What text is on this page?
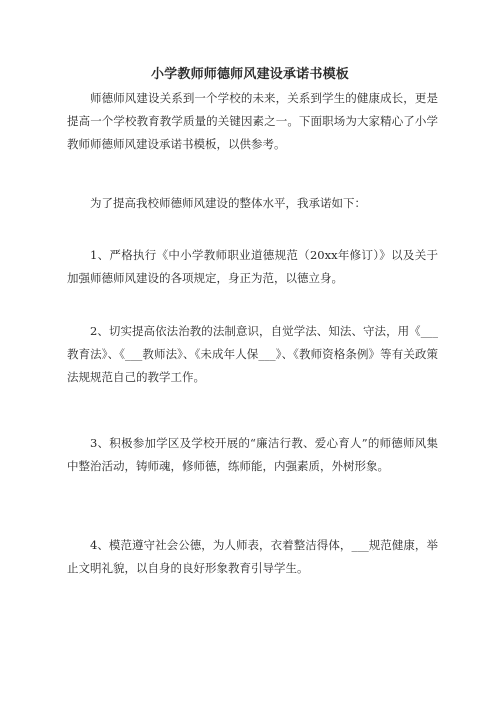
小学教师师德师风建设承诺书模板

师德师风建设关系到一个学校的未来，关系到学生的健康成长，更是提高一个学校教育教学质量的关键因素之一。下面职场为大家精心了小学教师师德师风建设承诺书模板，以供参考。

为了提高我校师德师风建设的整体水平，我承诺如下：

1、严格执行《中小学教师职业道德规范（20xx年修订）》以及关于加强师德师风建设的各项规定，身正为范，以德立身。

2、切实提高依法治教的法制意识，自觉学法、知法、守法，用《___教育法》、《___教师法》、《未成年人保___》、《教师资格条例》等有关政策法规规范自己的教学工作。

3、积极参加学区及学校开展的“廉洁行教、爱心育人”的师德师风集中整治活动，铸师魂，修师德，练师能，内强素质，外树形象。

4、模范遵守社会公德，为人师表，衣着整洁得体，___规范健康，举止文明礼貌，以自身的良好形象教育引导学生。
